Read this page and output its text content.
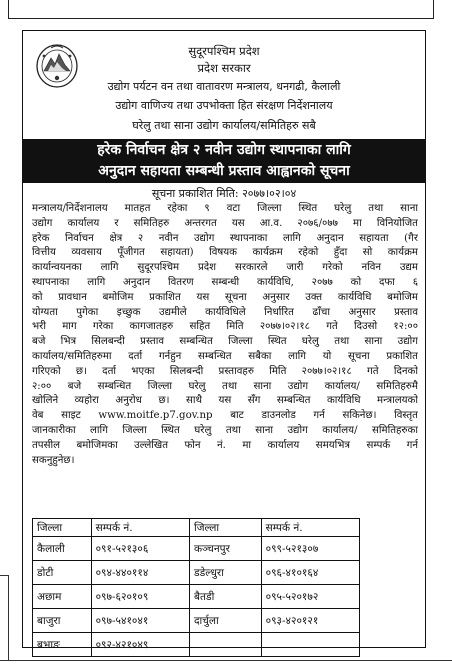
सुदूरपश्चिम प्रदेश
प्रदेश सरकार
उद्योग पर्यटन वन तथा वातावरण मन्त्रालय, धनगढी, कैलाली
उद्योग वाणिज्य तथा उपभोक्ता हित संरक्षण निर्देशनालय
घरेलु तथा साना उद्योग कार्यालय/समितिहरु सबै
हरेक निर्वाचन क्षेत्र २ नवीन उद्योग स्थापनाका लागि
अनुदान सहायता सम्बन्धी प्रस्ताव आह्वानको सूचना
सूचना प्रकाशित मिति: २०७७।०२।०४
मन्त्रालय/निर्देशनालय मातहत रहेका ९ वटा जिल्ला स्थित घरेलु तथा साना
उद्योग कार्यालय र समितिहरु अन्तरगत यस आ.व. २०७६/०७७ मा विनियोजित
हरेक निर्वाचन क्षेत्र २ नवीन उद्योग स्थापनाका लागि अनुदान सहायता (गैर
वित्तीय व्यवसाय पूँजीगत सहायता) विषयक कार्यक्रम रहेको हुँदा सो कार्यक्रम
कार्यान्वयनका लागि सुदूरपश्चिम प्रदेश सरकारले जारी गरेको नविन उद्यम
स्थापनाका लागि अनुदान वितरण सम्बन्धी कार्यविधि, २०७७ को दफा ६
को प्रावधान बमोजिम प्रकाशित यस सूचना अनुसार उक्त कार्यविधि बमोजिम
योग्यता पुगेका इच्छुक उद्यमीले कार्यविधिले निर्धारित ढाँचा अनुसार प्रस्ताव
भरी माग गरेका कागजातहरु सहित मिति २०७७।०२।१८ गते दिउसो १२:००
बजे भित्र सिलबन्दी प्रस्ताव सम्बन्धित जिल्ला स्थित घरेलु तथा साना उद्योग
कार्यालय/समितिहरुमा दर्ता गर्नहुन सम्बन्धित सबैका लागि यो सूचना प्रकाशित
गरिएको छ। दर्ता भएका सिलबन्दी प्रस्तावहरु मिति २०७७।०२।१८ गते दिनको
२:०० बजे सम्बन्धित जिल्ला घरेलु तथा साना उद्योग कार्यालय/ समितिहरुमै
खोलिने व्यहोरा अनुरोध छ। साथै यस सँग सम्बन्धित कार्यविधि मन्त्रालयको
वेब साइट www.moitfe.p7.gov.np बाट डाउनलोड गर्न सकिनेछ। विस्तृत
जानकारीका लागि जिल्ला स्थित घरेलु तथा साना उद्योग कार्यालय/ समितिहरुका
तपसील बमोजिमका उल्लेखित फोन नं. मा कार्यालय समयभित्र सम्पर्क गर्न
सकनुहुनेछ।
जिल्ला	सम्पर्क नं.	जिल्ला	सम्पर्क नं.
कैलाली	०९१-५२१३०६	कञ्चनपुर	०९९-५२१३०७
डोटी	०९४-४४०११४	डडेल्धुरा	०९६-४१०१६४
अछाम	०९७-६२०१०९	बैतडी	०९५-५२०१७२
बाजुरा	०९७-५४१०४१	दार्चुला	०९३-४२०१२१
बभाङ	०९२-४२१०४९		
